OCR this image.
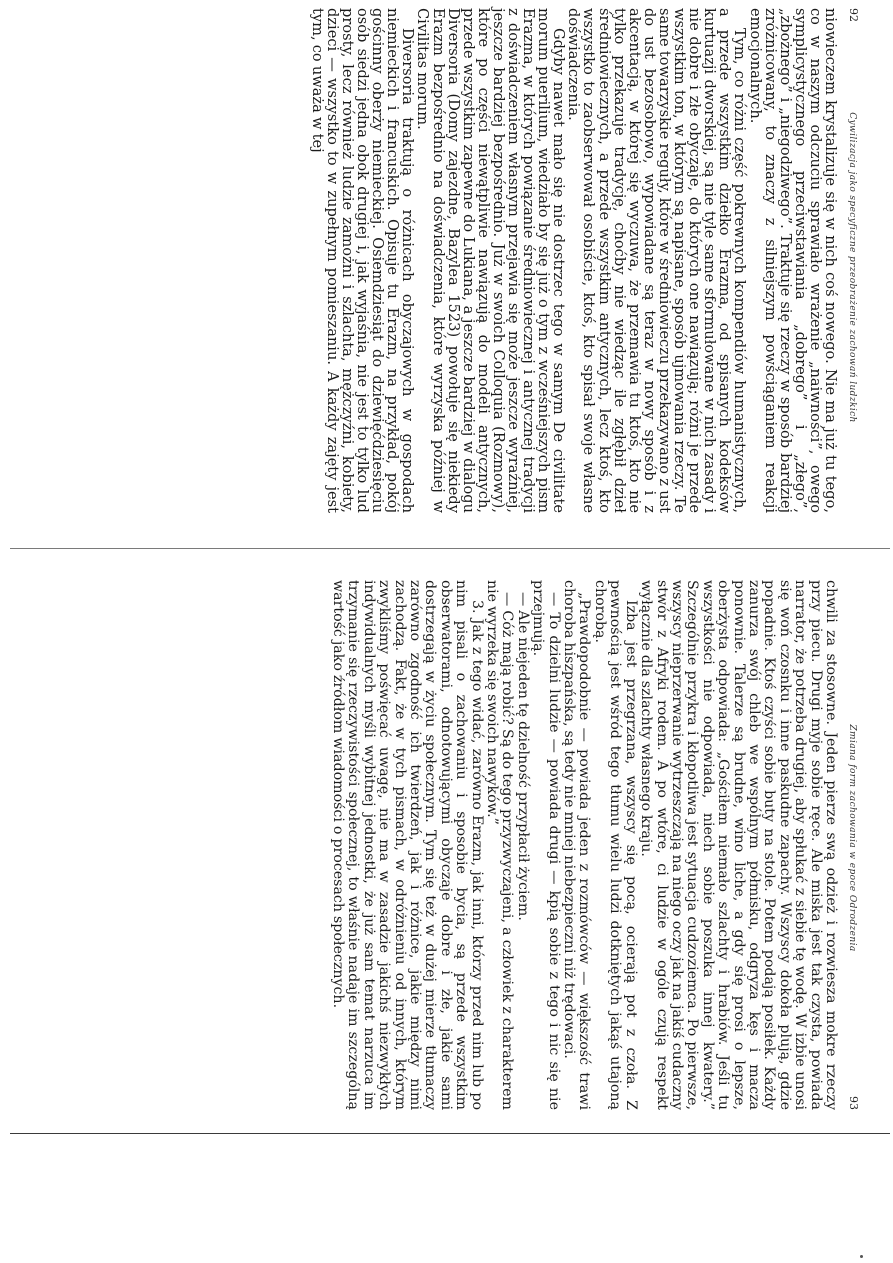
92
Cywilizacja jako specyficzne przeobrażenie zachowań ludzkich

niowieczem krystalizuje się w nich coś nowego. Nie ma już tu tego, co w naszym odczuciu sprawiało wrażenie „naiwności”, owego symplicystycznego przeciwstawiania „dobrego” i „złego”, „zbożnego” i „niegodziwego”. Traktuje się rzeczy w sposób bardziej zróżnicowany, to znaczy z silniejszym powściąganiem reakcji emocjonalnych.

Tym, co różni część pokrewnych kompendiów humanistycznych, a przede wszystkim dziełko Erazma, od spisanych kodeksów kurtuazji dworskiej, są nie tyle same sformułowane w nich zasady i nie dobre i złe obyczaje, do których one nawiązują; różni je przede wszystkim ton, w którym są napisane, sposób ujmowania rzeczy. Te same towarzyskie reguły, które w średniowieczu przekazywano z ust do ust bezosobowo, wypowiadane są teraz w nowy sposób i z akcentacją, w której się wyczuwa, że przemawia tu ktoś, kto nie tylko przekazuje tradycję, choćby nie wiedząc ile zgłębił dzieł średniowiecznych, a przede wszystkim antycznych, lecz ktoś, kto wszystko to zaobserwował osobiście, ktoś, kto spisał swoje własne doświadczenia.

Gdyby nawet mało się nie dostrzec tego w samym De civilitate morum puerilium, wiedziało by się już o tym z wcześniejszych pism Erazma, w których powiązanie średniowiecznej i antycznej tradycji z doświadczeniem własnym przejawia się może jeszcze wyraźniej, jeszcze bardziej bezpośrednio. Już w swoich Colloquia (Rozmowy), które po części niewątpliwie nawiązują do modeli antycznych, przede wszystkim zapewne do Lukiana, a jeszcze bardziej w dialogu Diversoria (Domy zajezdne, Bazylea 1523) powołuje się niekiedy Erazm bezpośrednio na doświadczenia, które wyrzyska później w Civilitas morum.

Diversoria traktują o różnicach obyczajowych w gospodach niemieckich i francuskich. Opisuje tu Erazm, na przykład, pokój gościnny oberży niemieckiej. Osiemdziesiąt do dziewięćdziesięciu osób siedzi jedna obok drugiej i, jak wyjaśnia, nie jest to tylko lud prosty, lecz również ludzie zamożni i szlachta, mężczyźni, kobiety, dzieci — wszystko to w zupełnym pomieszaniu. A każdy zajęty jest tym, co uważa w tej

Zmiana form zachowania w epoce Odrodzenia
93

chwili za stosowne. Jeden pierze swą odzież i rozwiesza mokre rzeczy przy piecu. Drugi myje sobie ręce. Ale miska jest tak czysta, powiada narrator, że potrzeba drugiej, aby spłukać z siebie tę wodę. W izbie unosi się woń czosnku i inne paskudne zapachy. Wszyscy dokoła plują, gdzie popadnie. Ktoś czyści sobie buty na stole. Potem podają posiłek. Każdy zanurza swój chleb we wspólnym półmisku, odgryza kęs i macza ponownie. Talerze są brudne, wino liche, a gdy się prosi o lepsze, oberżysta odpowiada: „Gościłem niemało szlachty i hrabiów. Jeśli tu wszystkości nie odpowiada, niech sobie poszuka innej kwatery.” Szczególnie przykra i kłopotliwa jest sytuacja cudzoziemca. Po pierwsze, wszyscy nieprzerwanie wytrzeszczają na niego oczy jak na jakiś cudaczny stwór z Afryki rodem. A po wtóre, ci ludzie w ogóle czują respekt wyłącznie dla szlachty własnego kraju.

Izba jest przegrzana, wszyscy się pocą, ocierają pot z czoła. Z pewnością jest wśród tego tłumu wielu ludzi dotkniętych jakąś utajoną chorobą.

„Prawdopodobnie — powiada jeden z rozmówców — większość trawi choroba hiszpańska, są tedy nie mniej niebezpieczni niż trędowaci.

— To dzielni ludzie — powiada drugi — kpią sobie z tego i nic się nie przejmują.

— Ale niejeden tę dzielność przypłacił życiem.

— Cóż mają robić? Są do tego przyzwyczajeni, a człowiek z charakterem nie wyrzeka się swoich nawyków.”

3. Jak z tego widać, zarówno Erazm, jak inni, którzy przed nim lub po nim pisali o zachowaniu i sposobie bycia, są przede wszystkim obserwatorami, odnotowującymi obyczaje dobre i złe, jakie sami dostrzegają w życiu społecznym. Tym się też w dużej mierze tłumaczy zarówno zgodność ich twierdzeń, jak i różnice, jakie między nimi zachodzą. Fakt, że w tych pismach, w odróżnieniu od innych, którym zwykliśmy poświęcać uwagę, nie ma w zasadzie jakichś niezwykłych indywidualnych myśli wybitnej jednostki, że już sam temat narzuca im trzymanie się rzeczywistości społecznej, to właśnie nadaje im szczególną wartość jako źródłom wiadomości o procesach społecznych.
